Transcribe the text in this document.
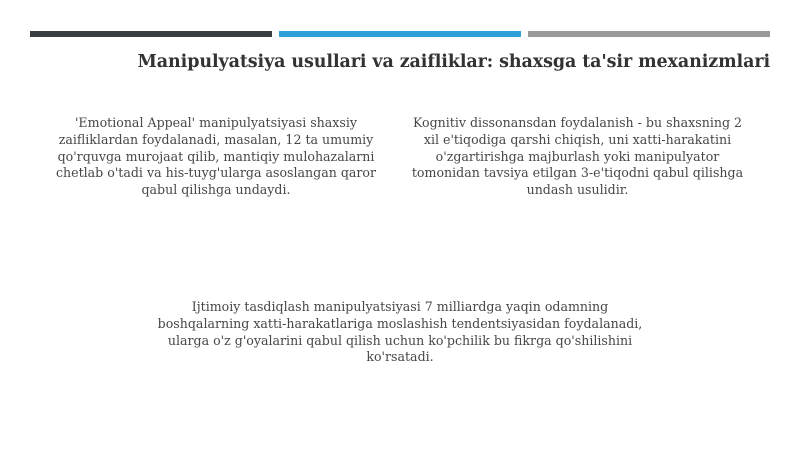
Manipulyatsiya usullari va zaifliklar: shaxsga ta'sir mexanizmlari

'Emotional Appeal' manipulyatsiyasi shaxsiy zaifliklardan foydalanadi, masalan, 12 ta umumiy qo'rquvga murojaat qilib, mantiqiy mulohazalarni chetlab o'tadi va his-tuyg'ularga asoslangan qaror qabul qilishga undaydi.

Kognitiv dissonansdan foydalanish - bu shaxsning 2 xil e'tiqodiga qarshi chiqish, uni xatti-harakatini o'zgartirishga majburlash yoki manipulyator tomonidan tavsiya etilgan 3-e'tiqodni qabul qilishga undash usulidir.

Ijtimoiy tasdiqlash manipulyatsiyasi 7 milliardga yaqin odamning boshqalarning xatti-harakatlariga moslashish tendentsiyasidan foydalanadi, ularga o'z g'oyalarini qabul qilish uchun ko'pchilik bu fikrga qo'shilishini ko'rsatadi.
